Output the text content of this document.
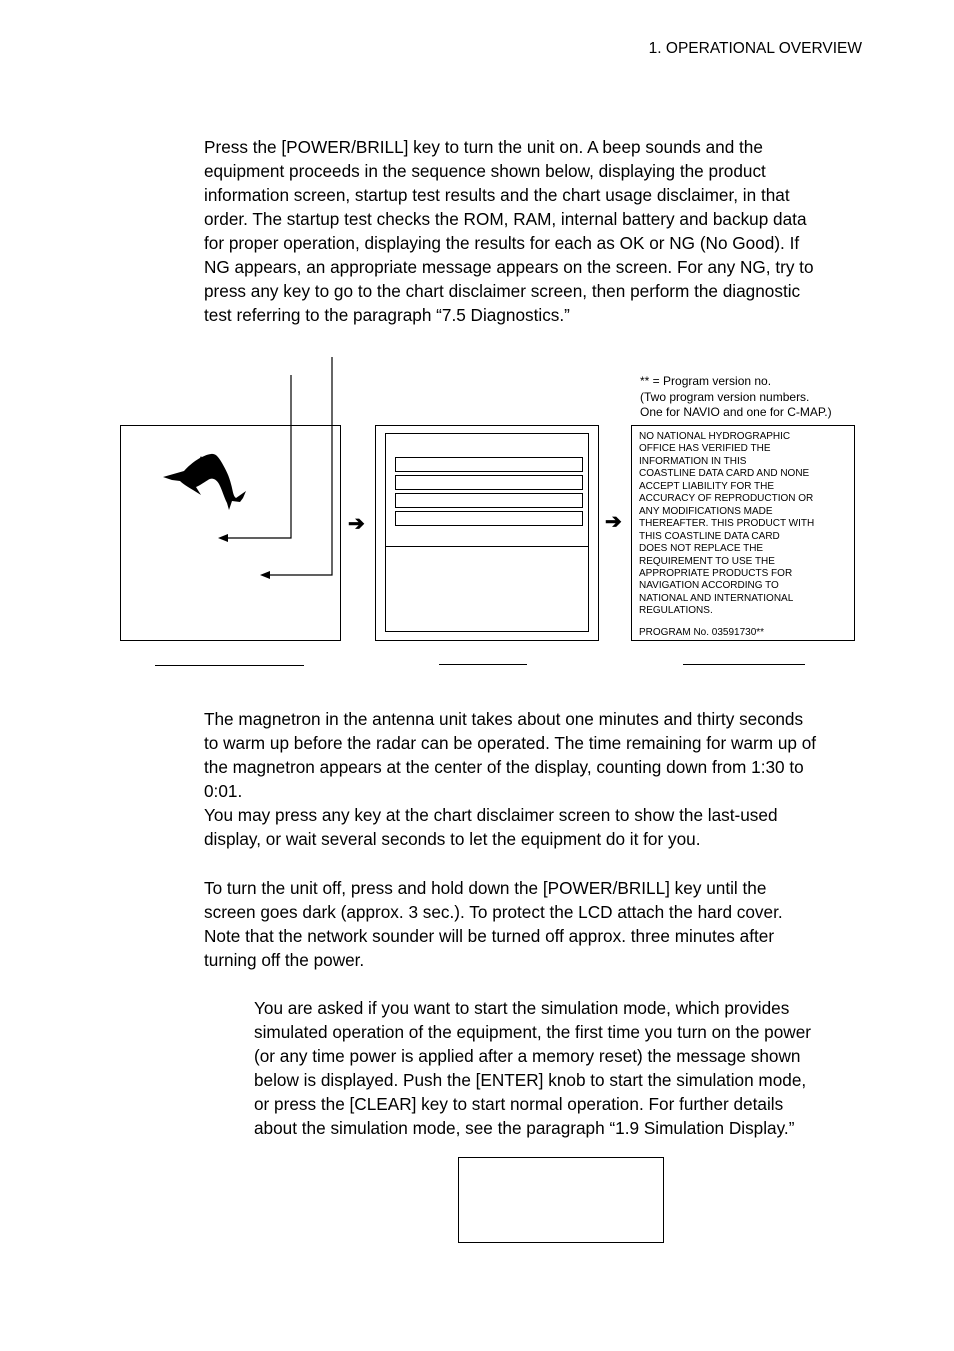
1. OPERATIONAL OVERVIEW
Press the [POWER/BRILL] key to turn the unit on. A beep sounds and the
equipment proceeds in the sequence shown below, displaying the product
information screen, startup test results and the chart usage disclaimer, in that
order. The startup test checks the ROM, RAM, internal battery and backup data
for proper operation, displaying the results for each as OK or NG (No Good). If
NG appears, an appropriate message appears on the screen. For any NG, try to
press any key to go to the chart disclaimer screen, then perform the diagnostic
test referring to the paragraph “7.5 Diagnostics.”
** = Program version no.
(Two program version numbers.
One for NAVIO and one for C-MAP.)
➔	➔
NO NATIONAL HYDROGRAPHIC
OFFICE HAS VERIFIED THE
INFORMATION IN THIS
COASTLINE DATA CARD AND NONE
ACCEPT LIABILITY FOR THE
ACCURACY OF REPRODUCTION OR
ANY MODIFICATIONS MADE
THEREAFTER. THIS PRODUCT WITH
THIS COASTLINE DATA CARD
DOES NOT REPLACE THE
REQUIREMENT TO USE THE
APPROPRIATE PRODUCTS FOR
NAVIGATION ACCORDING TO
NATIONAL AND INTERNATIONAL
REGULATIONS.
PROGRAM No. 03591730**
The magnetron in the antenna unit takes about one minutes and thirty seconds
to warm up before the radar can be operated. The time remaining for warm up of
the magnetron appears at the center of the display, counting down from 1:30 to
0:01.
You may press any key at the chart disclaimer screen to show the last-used
display, or wait several seconds to let the equipment do it for you.
To turn the unit off, press and hold down the [POWER/BRILL] key until the
screen goes dark (approx. 3 sec.). To protect the LCD attach the hard cover.
Note that the network sounder will be turned off approx. three minutes after
turning off the power.
You are asked if you want to start the simulation mode, which provides
simulated operation of the equipment, the first time you turn on the power
(or any time power is applied after a memory reset) the message shown
below is displayed. Push the [ENTER] knob to start the simulation mode,
or press the [CLEAR] key to start normal operation. For further details
about the simulation mode, see the paragraph “1.9 Simulation Display.”
